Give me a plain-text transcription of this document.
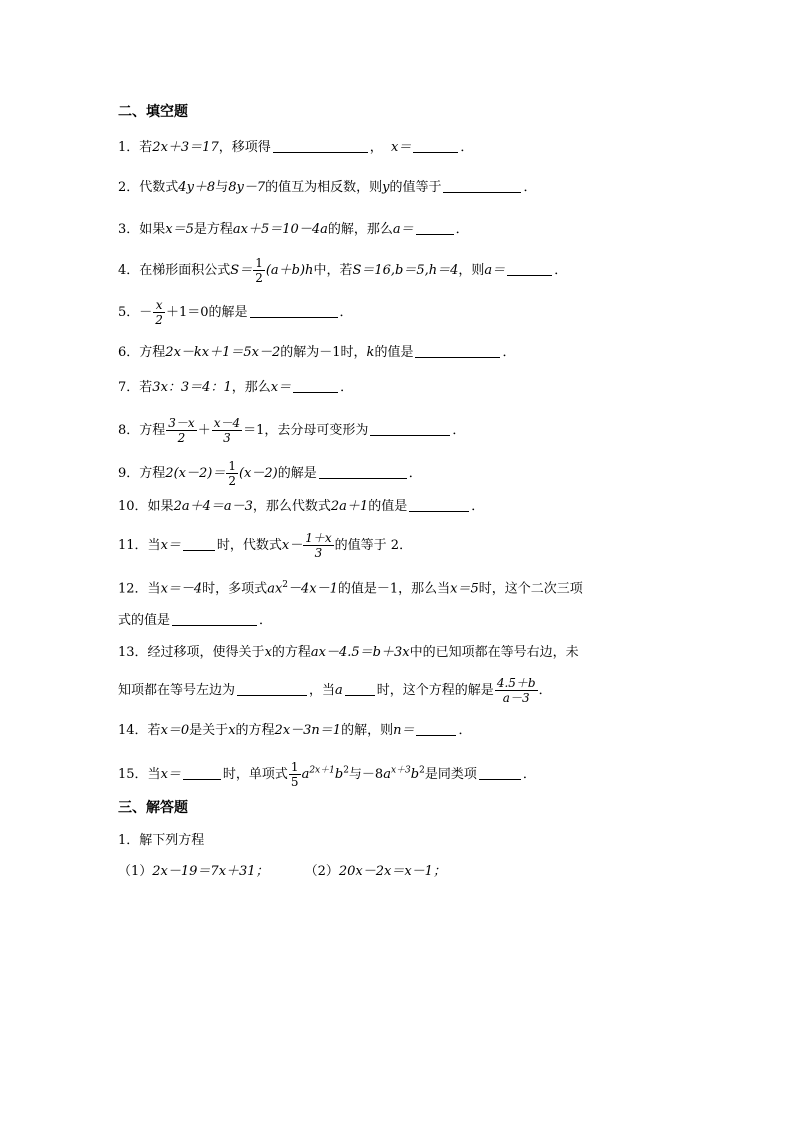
二、填空题
1．若2x＋3＝17，移项得	， x＝	．
2．代数式4y＋8与8y－7的值互为相反数，则y的值等于	．
3．如果x＝5是方程ax＋5＝10－4a的解，那么a＝	．
4．在梯形面积公式$S= \frac{1}{2} (a+b)h$中，若S＝16,b＝5,h＝4，则a＝	．
5．－ $\frac{x}{2} +1=0$的解是	．
6．方程2x－kx＋1＝5x－2的解为－1时，k的值是	．
7．若3x：3＝4：1，那么x＝	．
8．方程 $\frac{3-x}{2} + \frac{x-4}{3} =1$，去分母可变形为	．
9．方程$2(x-2)= \frac{1}{2} (x-2)$的解是	．
10．如果2a＋4＝a－3，那么代数式2a＋1的值是	．
11．当x＝	时，代数式$x- \frac{1+x}{3}$ 的值等于 2．
12．当x＝－4时，多项式$ax^2-4x-1$的值是－1，那么当x＝5时，这个二次三项
式的值是	．
13．经过移项，使得关于x的方程ax－4.5＝b＋3x中的已知项都在等号右边，未
知项都在等号左边为	，当a	时，这个方程的解是 $\frac{4.5+b}{a-3}$ ．
14．若x＝0是关于x的方程2x－3n＝1的解，则n＝	．
15．当x＝	时，单项式 $\frac{1}{5} a^{2x+1}b^2$与$-8a^{x+3}b^2$是同类项	．
三、解答题
1．解下列方程
（1）2x－19＝7x＋31；	（2）20x－2x＝x－1；
